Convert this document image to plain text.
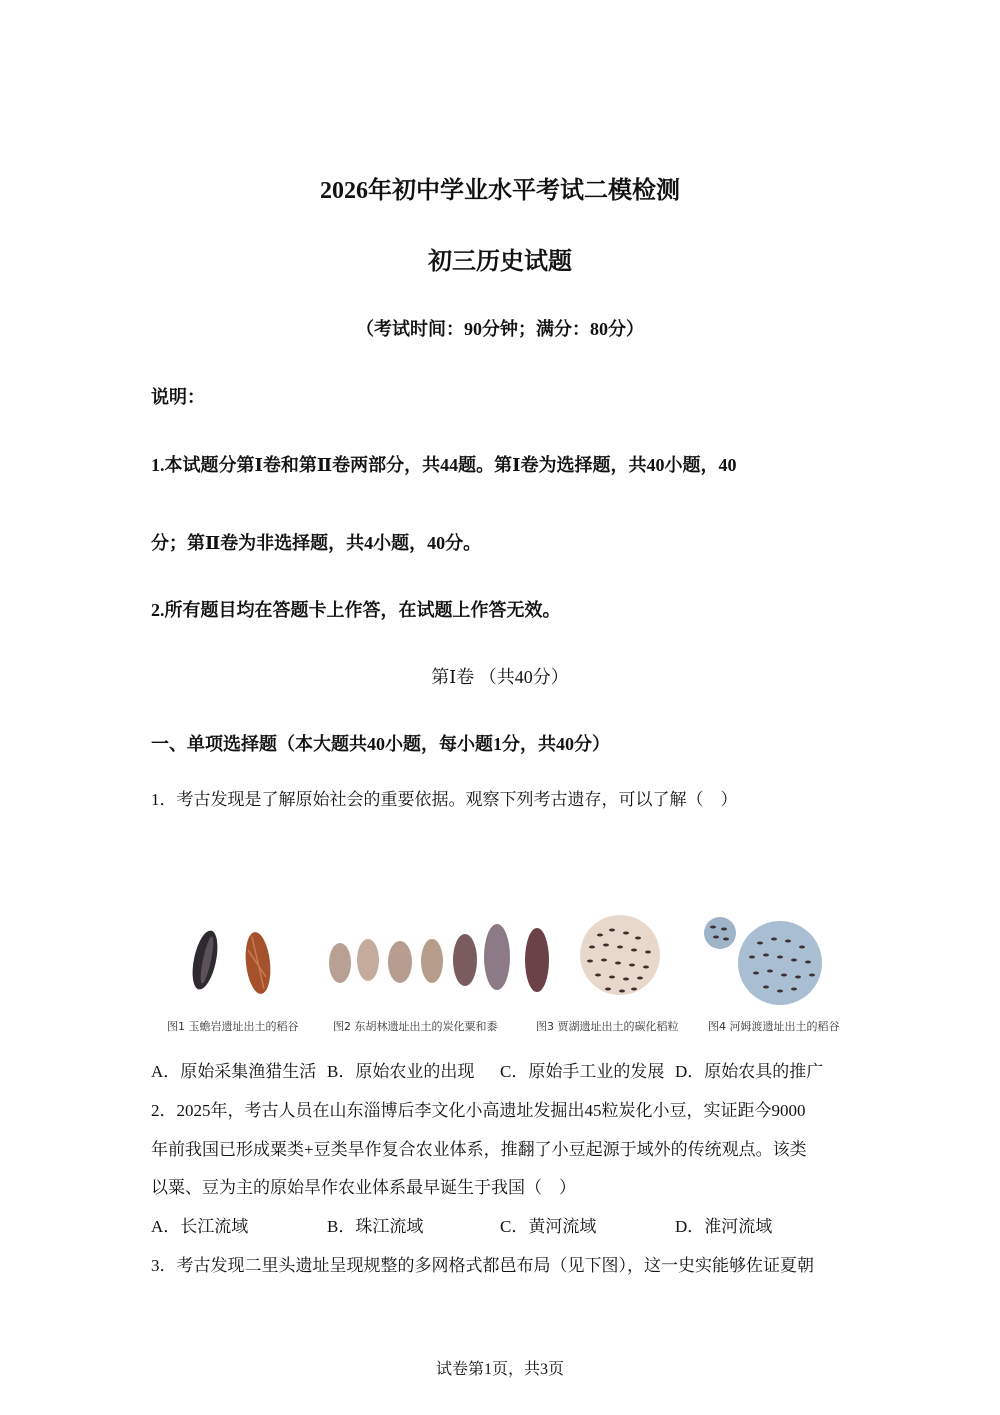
2026年初中学业水平考试二模检测
初三历史试题
（考试时间：90分钟；满分：80分）
说明：
1.本试题分第Ⅰ卷和第Ⅱ卷两部分，共44题。第Ⅰ卷为选择题，共40小题，40
分；第Ⅱ卷为非选择题，共4小题，40分。
2.所有题目均在答题卡上作答，在试题上作答无效。
第Ⅰ卷 （共40分）
一、单项选择题（本大题共40小题，每小题1分，共40分）
1．考古发现是了解原始社会的重要依据。观察下列考古遗存，可以了解（　）
图1 玉蟾岩遗址出土的稻谷	图2 东胡林遗址出土的炭化粟和黍	图3 贾湖遗址出土的碳化稻粒	图4 河姆渡遗址出土的稻谷
A．原始采集渔猎生活 B．原始农业的出现 C．原始手工业的发展 D．原始农具的推广
2．2025年，考古人员在山东淄博后李文化小高遗址发掘出45粒炭化小豆，实证距今9000
年前我国已形成粟类+豆类旱作复合农业体系，推翻了小豆起源于域外的传统观点。该类
以粟、豆为主的原始旱作农业体系最早诞生于我国（　）
A．长江流域	B．珠江流域	C．黄河流域	D．淮河流域
3．考古发现二里头遗址呈现规整的多网格式都邑布局（见下图），这一史实能够佐证夏朝
试卷第1页，共3页
